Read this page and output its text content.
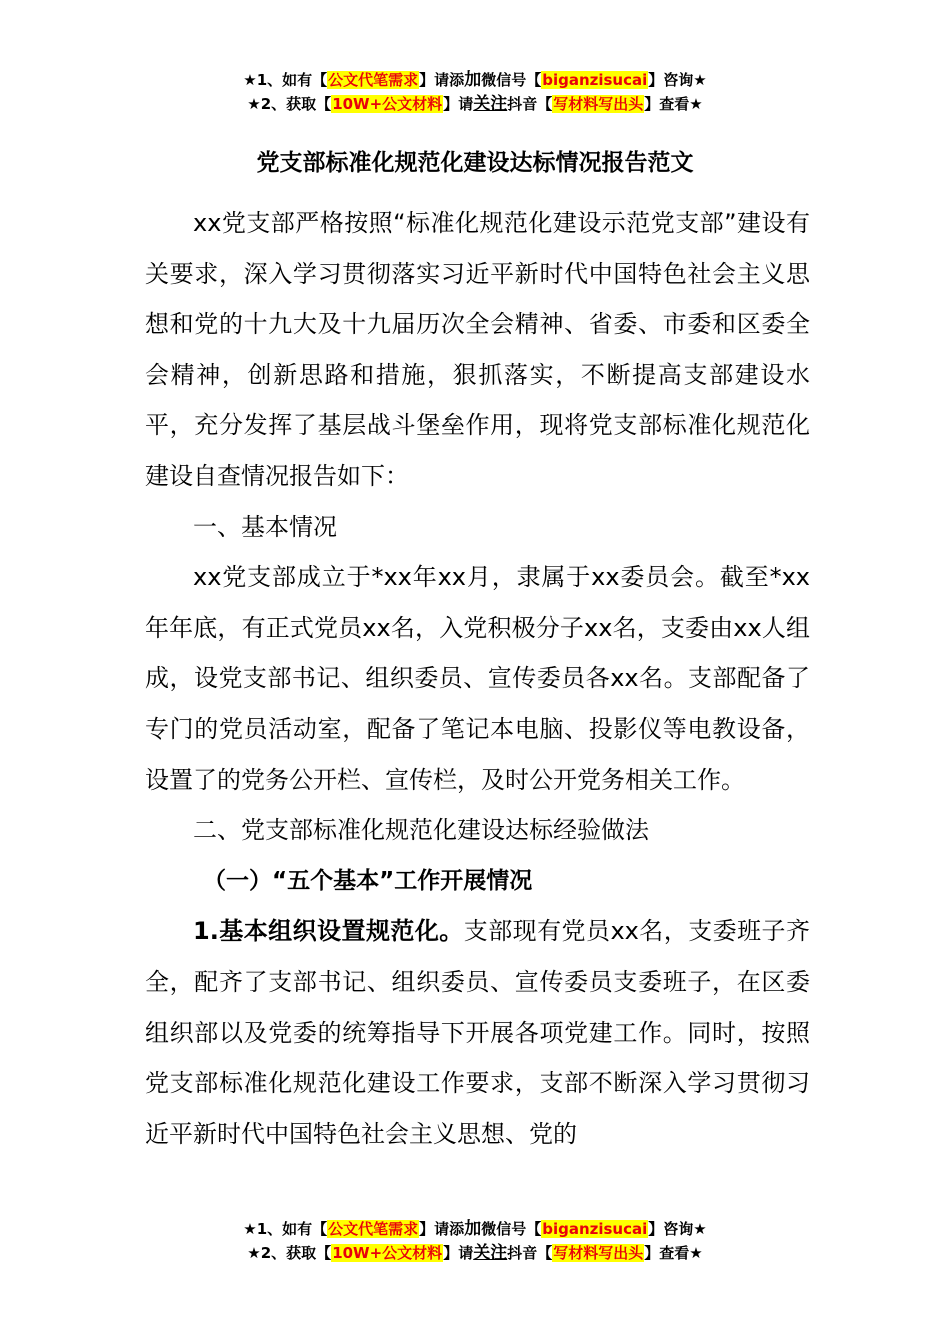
★1、如有【公文代笔需求】请添加微信号【biganzisucai】咨询★
★2、获取【10W+公文材料】请关注抖音【写材料写出头】查看★
党支部标准化规范化建设达标情况报告范文

xx党支部严格按照“标准化规范化建设示范党支部”建设有关要求，深入学习贯彻落实习近平新时代中国特色社会主义思想和党的十九大及十九届历次全会精神、省委、市委和区委全会精神，创新思路和措施，狠抓落实，不断提高支部建设水平，充分发挥了基层战斗堡垒作用，现将党支部标准化规范化建设自查情况报告如下：

一、基本情况

xx党支部成立于*xx年xx月，隶属于xx委员会。截至*xx年年底，有正式党员xx名，入党积极分子xx名，支委由xx人组成，设党支部书记、组织委员、宣传委员各xx名。支部配备了专门的党员活动室，配备了笔记本电脑、投影仪等电教设备，设置了的党务公开栏、宣传栏，及时公开党务相关工作。

二、党支部标准化规范化建设达标经验做法

（一）“五个基本”工作开展情况

1.基本组织设置规范化。支部现有党员xx名，支委班子齐全，配齐了支部书记、组织委员、宣传委员支委班子，在区委组织部以及党委的统筹指导下开展各项党建工作。同时，按照党支部标准化规范化建设工作要求，支部不断深入学习贯彻习近平新时代中国特色社会主义思想、党的

★1、如有【公文代笔需求】请添加微信号【biganzisucai】咨询★
★2、获取【10W+公文材料】请关注抖音【写材料写出头】查看★
